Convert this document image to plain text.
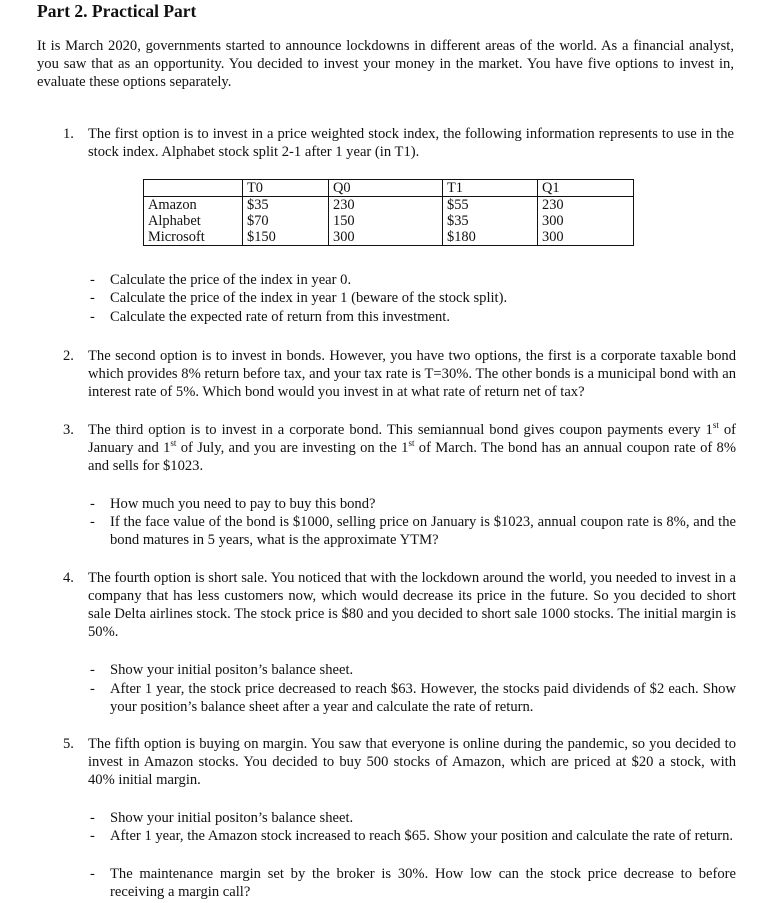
Part 2. Practical Part
It is March 2020, governments started to announce lockdowns in different areas of the world. As a financial analyst, you saw that as an opportunity. You decided to invest your money in the market. You have five options to invest in, evaluate these options separately.
1. The first option is to invest in a price weighted stock index, the following information represents to use in the stock index. Alphabet stock split 2-1 after 1 year (in T1).
	T0	Q0	T1	Q1
Amazon	$35	230	$55	230
Alphabet	$70	150	$35	300
Microsoft	$150	300	$180	300
- Calculate the price of the index in year 0.
- Calculate the price of the index in year 1 (beware of the stock split).
- Calculate the expected rate of return from this investment.
2. The second option is to invest in bonds. However, you have two options, the first is a corporate taxable bond which provides 8% return before tax, and your tax rate is T=30%. The other bonds is a municipal bond with an interest rate of 5%. Which bond would you invest in at what rate of return net of tax?
3. The third option is to invest in a corporate bond. This semiannual bond gives coupon payments every 1st of January and 1st of July, and you are investing on the 1st of March. The bond has an annual coupon rate of 8% and sells for $1023.
- How much you need to pay to buy this bond?
- If the face value of the bond is $1000, selling price on January is $1023, annual coupon rate is 8%, and the bond matures in 5 years, what is the approximate YTM?
4. The fourth option is short sale. You noticed that with the lockdown around the world, you needed to invest in a company that has less customers now, which would decrease its price in the future. So you decided to short sale Delta airlines stock. The stock price is $80 and you decided to short sale 1000 stocks. The initial margin is 50%.
- Show your initial positon’s balance sheet.
- After 1 year, the stock price decreased to reach $63. However, the stocks paid dividends of $2 each. Show your position’s balance sheet after a year and calculate the rate of return.
5. The fifth option is buying on margin. You saw that everyone is online during the pandemic, so you decided to invest in Amazon stocks. You decided to buy 500 stocks of Amazon, which are priced at $20 a stock, with 40% initial margin.
- Show your initial positon’s balance sheet.
- After 1 year, the Amazon stock increased to reach $65. Show your position and calculate the rate of return.
- The maintenance margin set by the broker is 30%. How low can the stock price decrease to before receiving a margin call?
